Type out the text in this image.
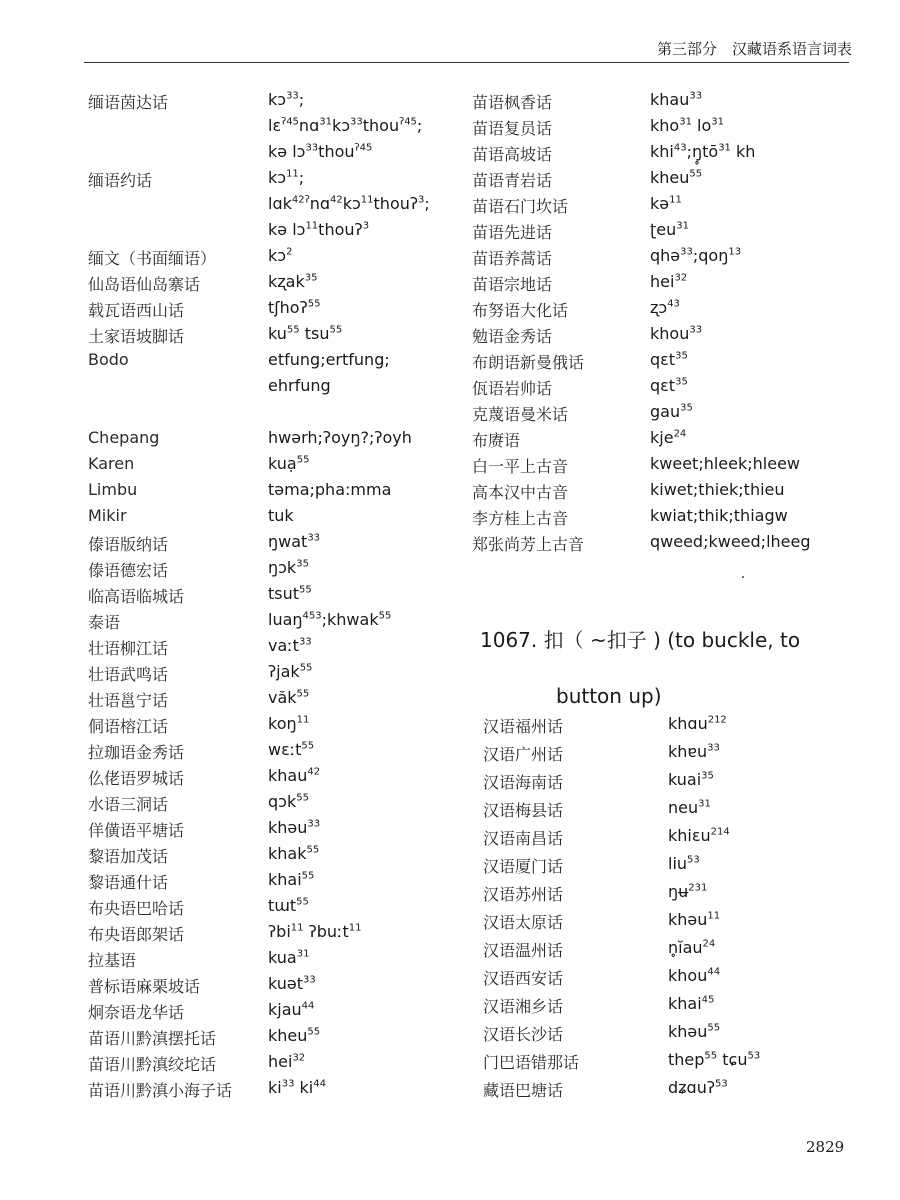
第三部分　汉藏语系语言词表
缅语茵达话	kɔ$^{33}$;
lɛ$^{ʔ45}$nɑ$^{31}$kɔ$^{33}$thou$^{ʔ45}$;
kə lɔ$^{33}$thou$^{ʔ45}$
缅语约话	kɔ$^{11}$;
lɑk$^{42ʔ}$nɑ$^{42}$kɔ$^{11}$thouʔ$^3$;
kə lɔ$^{11}$thouʔ$^3$
缅文（书面缅语）	kɔ$^2$
仙岛语仙岛寨话	kʐak$^{35}$
载瓦语西山话	tʃhoʔ$^{55}$
土家语坡脚话	$ku^{55}$ tsu$^{55}$
Bodo	etfung;ertfung;
ehrfung
Chepang	hwərh;ʔoyŋ?;ʔoyh
Karen	kuạ$^{55}$
Limbu	təma;pha:mma
Mikir	tuk
傣语版纳话	ŋwat$^{33}$
傣语德宏话	ŋɔk$^{35}$
临高语临城话	tsut$^{55}$
泰语	luaŋ$^{453}$;khwak$^{55}$
壮语柳江话	vaːt$^{33}$
壮语武鸣话	ʔjak$^{55}$
壮语邕宁话	văk$^{55}$
侗语榕江话	koŋ$^{11}$
拉珈语金秀话	wɛːt$^{55}$
仫佬语罗城话	khau$^{42}$
水语三洞话	qɔk$^{55}$
佯僙语平塘话	khəu$^{33}$
黎语加茂话	khak$^{55}$
黎语通什话	khai$^{55}$
布央语巴哈话	tɯt$^{55}$
布央语郎架话	ʔbi$^{11}$ ʔbuːt$^{11}$
拉基语	kua$^{31}$
普标语麻栗坡话	kuət$^{33}$
炯奈语龙华话	kjau$^{44}$
苗语川黔滇摆托话	kheu$^{55}$
苗语川黔滇绞坨话	hei$^{32}$
苗语川黔滇小海子话 $ki^{33}$ $ki^{44}$
苗语枫香话	khau$^{33}$
苗语复员话	kho$^{31}$ $lo^{31}$
苗语高坡话	$khi^{43};ŋ̥tō^{31}$ kh
苗语青岩话	kheu$^{55}$
苗语石门坎话	kə$^{11}$
苗语先进话	ʈeu$^{31}$
苗语养蒿话	qhə$^{33}$;qoŋ$^{13}$
苗语宗地话	hei$^{32}$
布努语大化话	ʐɔ$^{43}$
勉语金秀话	khou$^{33}$
布朗语新曼俄话	qɛt$^{35}$
佤语岩帅话	qɛt$^{35}$
克蔑语曼米话	gau$^{35}$
布赓语	kje$^{24}$
白一平上古音	kweet;hleek;hleew
高本汉中古音	kiwet;thiek;thieu
李方桂上古音	kwiat;thik;thiagw
郑张尚芳上古音	qweed;kweed;lheeg
1067. 扣（ ~扣子 ) (to buckle, to
button up)
汉语福州话	khɑu$^{212}$
汉语广州话	khɐu$^{33}$
汉语海南话	kuai$^{35}$
汉语梅县话	neu$^{31}$
汉语南昌话	khiɛu$^{214}$
汉语厦门话	liu$^{53}$
汉语苏州话	ŋʉ$^{231}$
汉语太原话	khəu$^{11}$
汉语温州话	n̥ĭau$^{24}$
汉语西安话	khou$^{44}$
汉语湘乡话	khai$^{45}$
汉语长沙话	khəu$^{55}$
门巴语错那话	thep$^{55}$ tɕu$^{53}$
藏语巴塘话	dʑɑuʔ$^{53}$
2829
